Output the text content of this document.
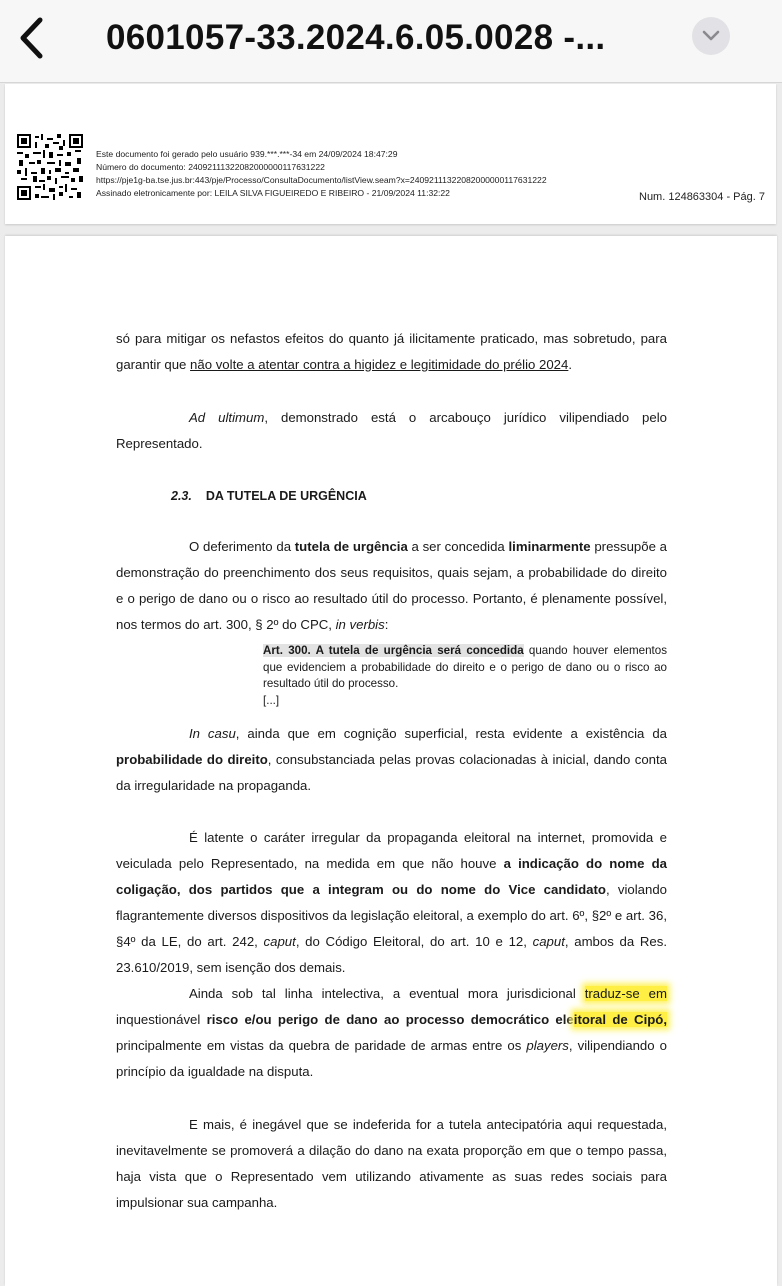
0601057-33.2024.6.05.0028 -...
Este documento foi gerado pelo usuário 939.***.***-34 em 24/09/2024 18:47:29
Número do documento: 24092111322082000000117631222
https://pje1g-ba.tse.jus.br:443/pje/Processo/ConsultaDocumento/listView.seam?x=24092111322082000000117631222
Assinado eletronicamente por: LEILA SILVA FIGUEIREDO E RIBEIRO - 21/09/2024 11:32:22	Num. 124863304 - Pág. 7

só para mitigar os nefastos efeitos do quanto já ilicitamente praticado, mas sobretudo, para garantir que não volte a atentar contra a higidez e legitimidade do prélio 2024.

Ad ultimum, demonstrado está o arcabouço jurídico vilipendiado pelo Representado.

2.3. DA TUTELA DE URGÊNCIA

O deferimento da tutela de urgência a ser concedida liminarmente pressupõe a demonstração do preenchimento dos seus requisitos, quais sejam, a probabilidade do direito e o perigo de dano ou o risco ao resultado útil do processo. Portanto, é plenamente possível, nos termos do art. 300, § 2º do CPC, in verbis:

Art. 300. A tutela de urgência será concedida quando houver elementos que evidenciem a probabilidade do direito e o perigo de dano ou o risco ao resultado útil do processo.
[...]

In casu, ainda que em cognição superficial, resta evidente a existência da probabilidade do direito, consubstanciada pelas provas colacionadas à inicial, dando conta da irregularidade na propaganda.

É latente o caráter irregular da propaganda eleitoral na internet, promovida e veiculada pelo Representado, na medida em que não houve a indicação do nome da coligação, dos partidos que a integram ou do nome do Vice candidato, violando flagrantemente diversos dispositivos da legislação eleitoral, a exemplo do art. 6º, §2º e art. 36, §4º da LE, do art. 242, caput, do Código Eleitoral, do art. 10 e 12, caput, ambos da Res. 23.610/2019, sem isenção dos demais.

Ainda sob tal linha intelectiva, a eventual mora jurisdicional traduz-se em inquestionável risco e/ou perigo de dano ao processo democrático eleitoral de Cipó, principalmente em vistas da quebra de paridade de armas entre os players, vilipendiando o princípio da igualdade na disputa.

E mais, é inegável que se indeferida for a tutela antecipatória aqui requestada, inevitavelmente se promoverá a dilação do dano na exata proporção em que o tempo passa, haja vista que o Representado vem utilizando ativamente as suas redes sociais para impulsionar sua campanha.
